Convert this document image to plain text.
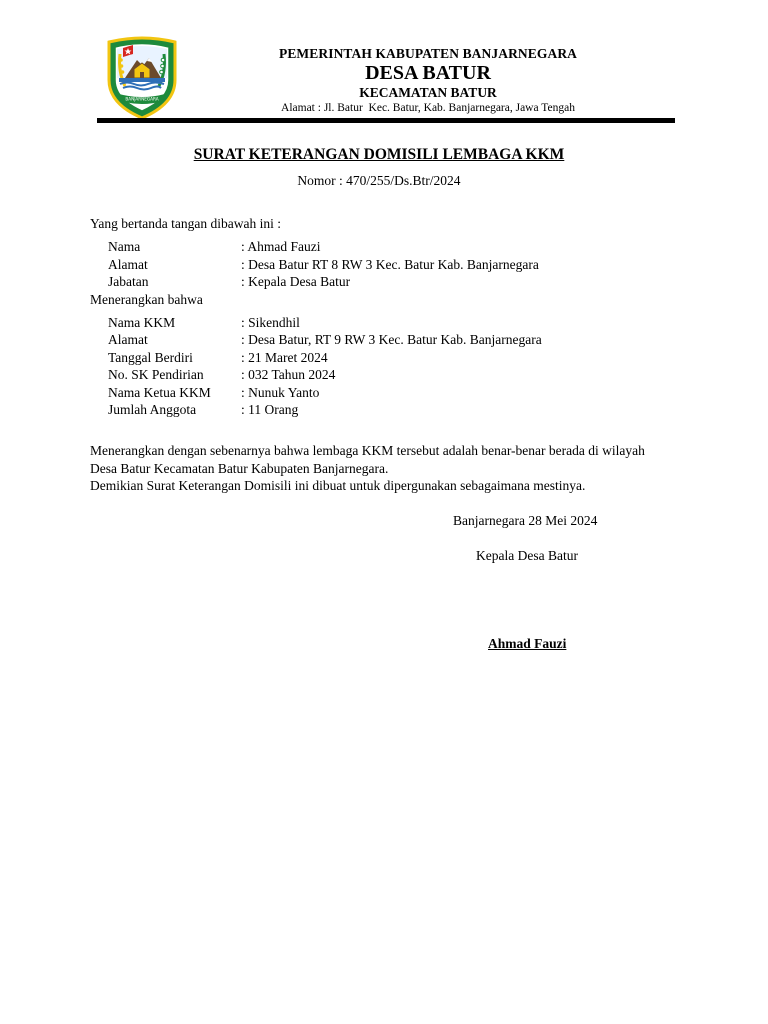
BANJARNEGARA
PEMERINTAH KABUPATEN BANJARNEGARA
DESA BATUR
KECAMATAN BATUR
Alamat : Jl. Batur  Kec. Batur, Kab. Banjarnegara, Jawa Tengah
SURAT KETERANGAN DOMISILI LEMBAGA KKM
Nomor : 470/255/Ds.Btr/2024
Yang bertanda tangan dibawah ini :
Nama	: Ahmad Fauzi
Alamat	: Desa Batur RT 8 RW 3 Kec. Batur Kab. Banjarnegara
Jabatan	: Kepala Desa Batur
Menerangkan bahwa
Nama KKM	: Sikendhil
Alamat	: Desa Batur, RT 9 RW 3 Kec. Batur Kab. Banjarnegara
Tanggal Berdiri	: 21 Maret 2024
No. SK Pendirian	: 032 Tahun 2024
Nama Ketua KKM : Nunuk Yanto
Jumlah Anggota	: 11 Orang

Menerangkan dengan sebenarnya bahwa lembaga KKM tersebut adalah benar-benar berada di wilayah Desa Batur Kecamatan Batur Kabupaten Banjarnegara.

Demikian Surat Keterangan Domisili ini dibuat untuk dipergunakan sebagaimana mestinya.

Banjarnegara 28 Mei 2024
Kepala Desa Batur
Ahmad Fauzi
